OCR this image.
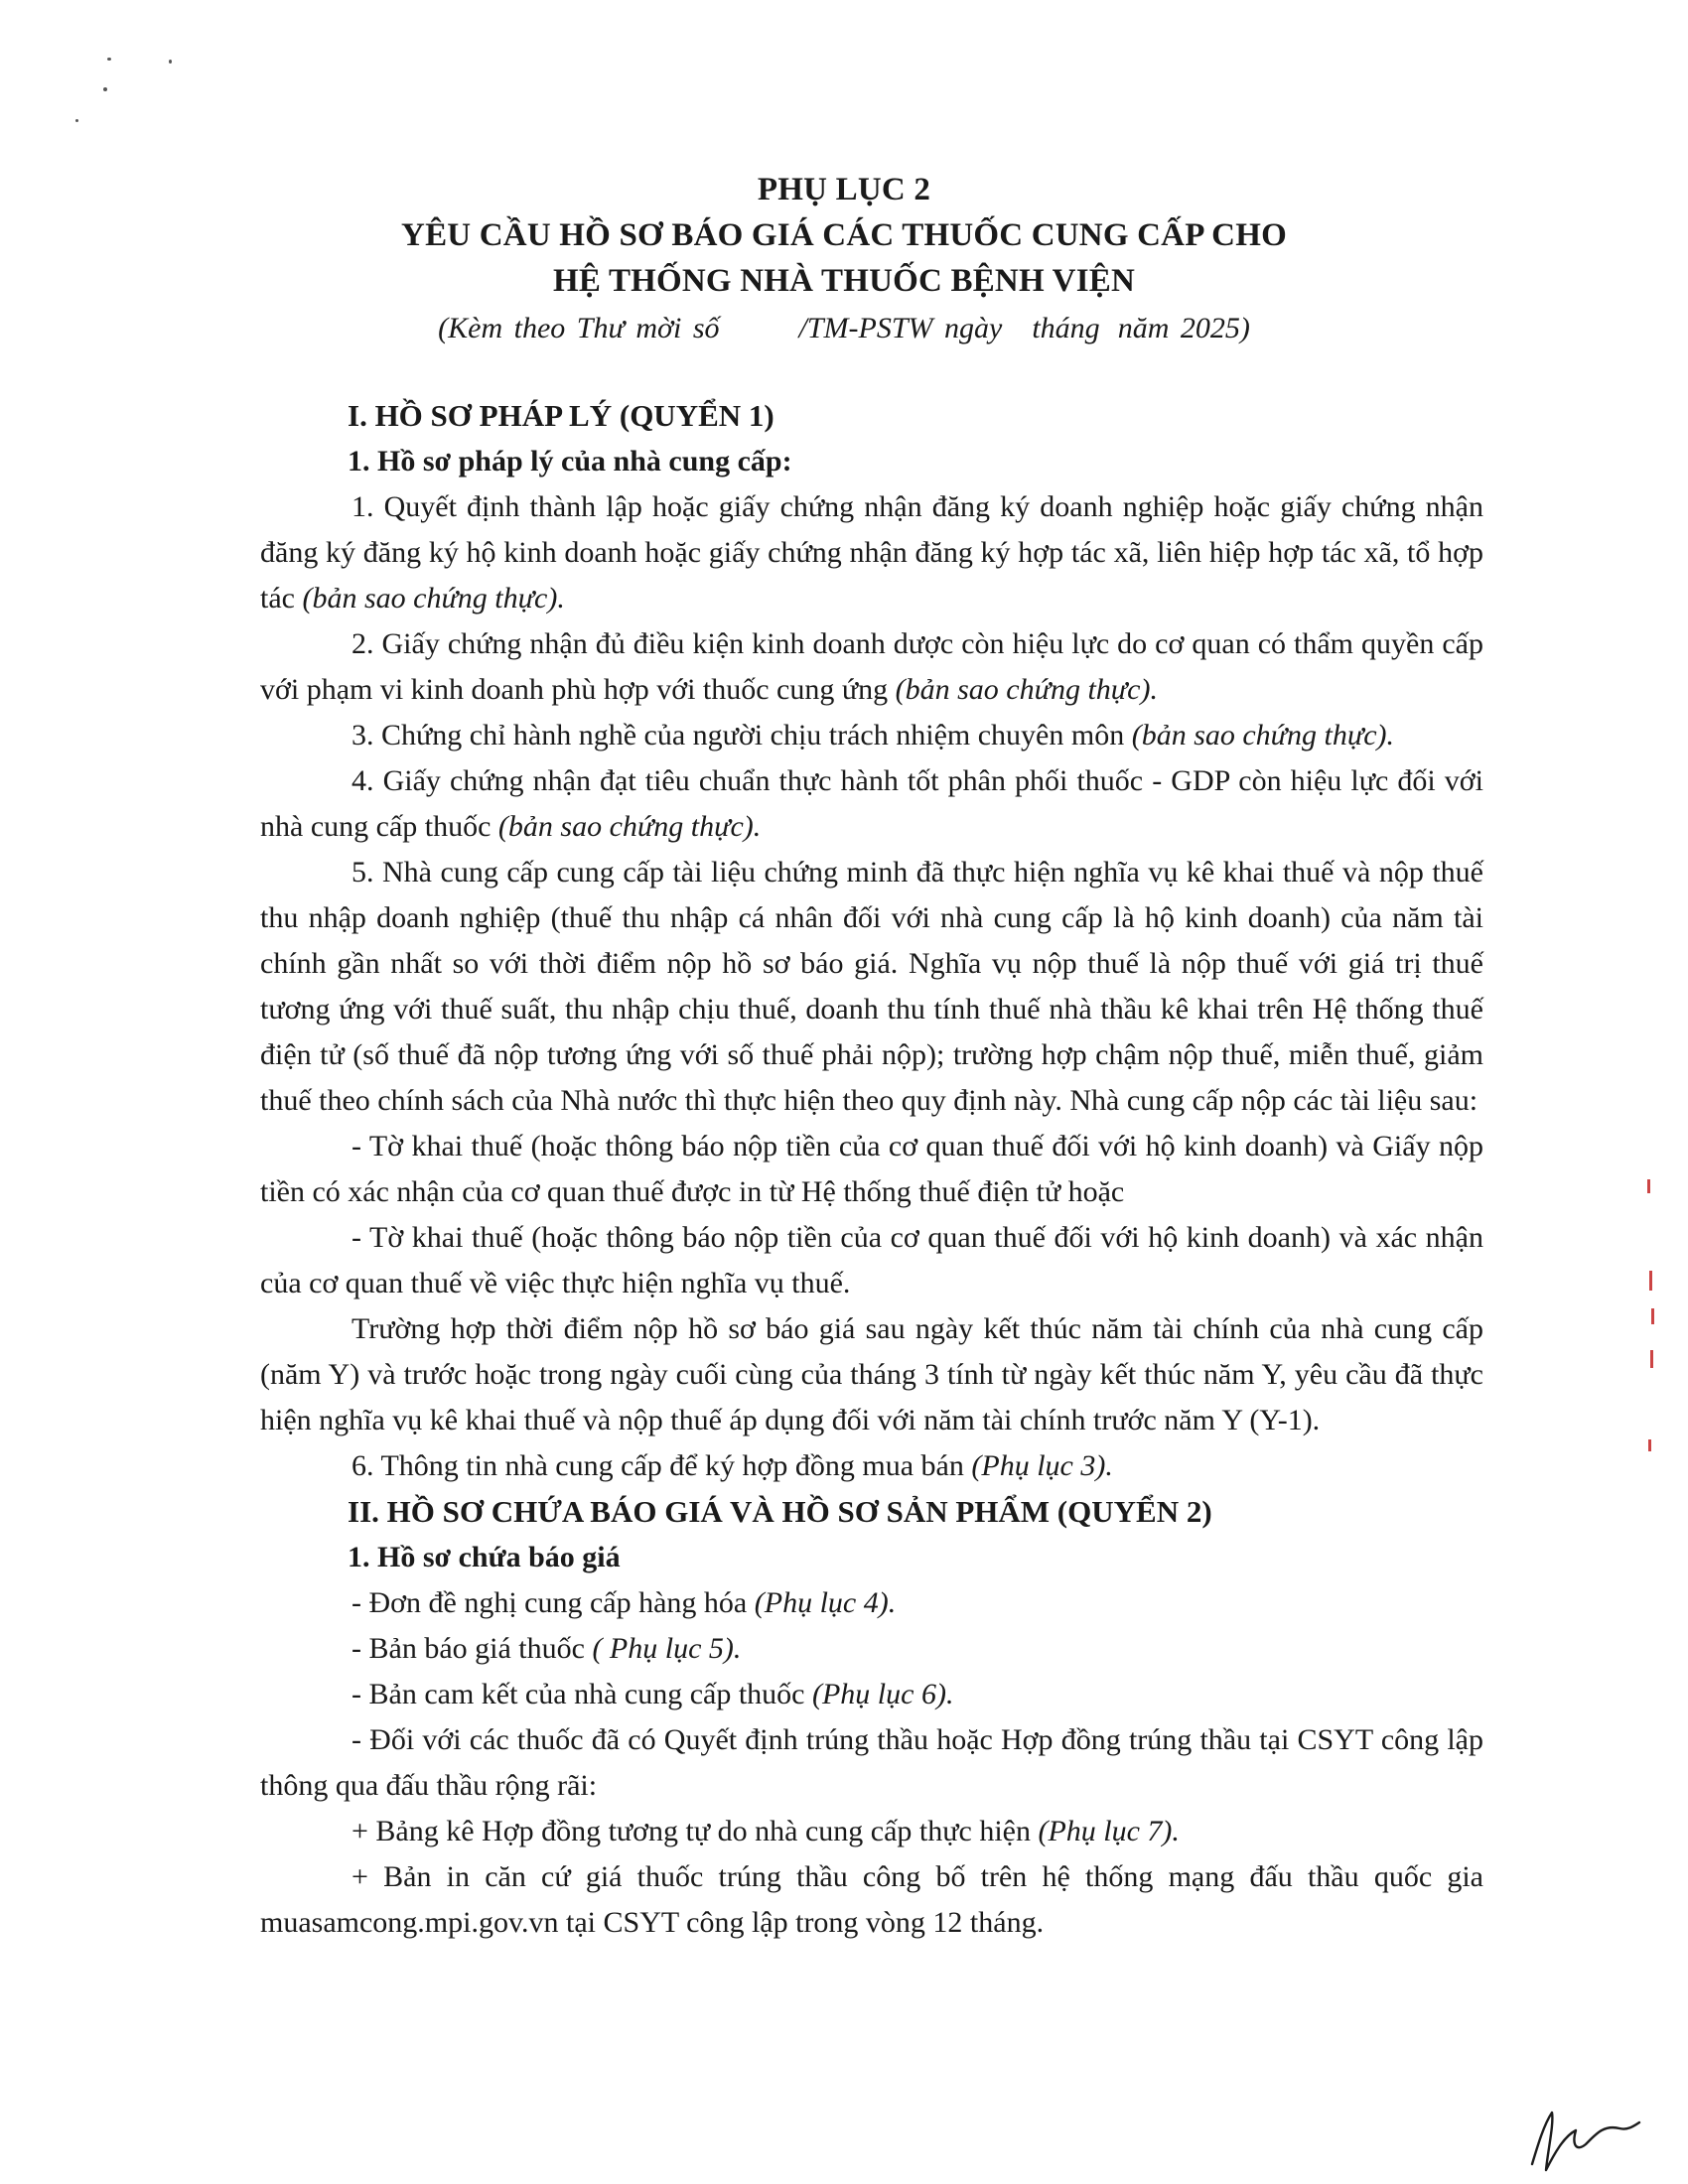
PHỤ LỤC 2
YÊU CẦU HỒ SƠ BÁO GIÁ CÁC THUỐC CUNG CẤP CHO
HỆ THỐNG NHÀ THUỐC BỆNH VIỆN
(Kèm theo Thư mời số	/TM-PSTW ngày tháng năm 2025)

I. HỒ SƠ PHÁP LÝ (QUYỂN 1)

1. Hồ sơ pháp lý của nhà cung cấp:

1. Quyết định thành lập hoặc giấy chứng nhận đăng ký doanh nghiệp hoặc giấy chứng nhận đăng ký đăng ký hộ kinh doanh hoặc giấy chứng nhận đăng ký hợp tác xã, liên hiệp hợp tác xã, tổ hợp tác (bản sao chứng thực).

2. Giấy chứng nhận đủ điều kiện kinh doanh dược còn hiệu lực do cơ quan có thẩm quyền cấp với phạm vi kinh doanh phù hợp với thuốc cung ứng (bản sao chứng thực).

3. Chứng chỉ hành nghề của người chịu trách nhiệm chuyên môn (bản sao chứng thực).

4. Giấy chứng nhận đạt tiêu chuẩn thực hành tốt phân phối thuốc - GDP còn hiệu lực đối với nhà cung cấp thuốc (bản sao chứng thực).

5. Nhà cung cấp cung cấp tài liệu chứng minh đã thực hiện nghĩa vụ kê khai thuế và nộp thuế thu nhập doanh nghiệp (thuế thu nhập cá nhân đối với nhà cung cấp là hộ kinh doanh) của năm tài chính gần nhất so với thời điểm nộp hồ sơ báo giá. Nghĩa vụ nộp thuế là nộp thuế với giá trị thuế tương ứng với thuế suất, thu nhập chịu thuế, doanh thu tính thuế nhà thầu kê khai trên Hệ thống thuế điện tử (số thuế đã nộp tương ứng với số thuế phải nộp); trường hợp chậm nộp thuế, miễn thuế, giảm thuế theo chính sách của Nhà nước thì thực hiện theo quy định này. Nhà cung cấp nộp các tài liệu sau:

- Tờ khai thuế (hoặc thông báo nộp tiền của cơ quan thuế đối với hộ kinh doanh) và Giấy nộp tiền có xác nhận của cơ quan thuế được in từ Hệ thống thuế điện tử hoặc

- Tờ khai thuế (hoặc thông báo nộp tiền của cơ quan thuế đối với hộ kinh doanh) và xác nhận của cơ quan thuế về việc thực hiện nghĩa vụ thuế.

Trường hợp thời điểm nộp hồ sơ báo giá sau ngày kết thúc năm tài chính của nhà cung cấp (năm Y) và trước hoặc trong ngày cuối cùng của tháng 3 tính từ ngày kết thúc năm Y, yêu cầu đã thực hiện nghĩa vụ kê khai thuế và nộp thuế áp dụng đối với năm tài chính trước năm Y (Y-1).

6. Thông tin nhà cung cấp để ký hợp đồng mua bán (Phụ lục 3).

II. HỒ SƠ CHỨA BÁO GIÁ VÀ HỒ SƠ SẢN PHẨM (QUYỂN 2)

1. Hồ sơ chứa báo giá

- Đơn đề nghị cung cấp hàng hóa (Phụ lục 4).

- Bản báo giá thuốc ( Phụ lục 5).

- Bản cam kết của nhà cung cấp thuốc (Phụ lục 6).

- Đối với các thuốc đã có Quyết định trúng thầu hoặc Hợp đồng trúng thầu tại CSYT công lập thông qua đấu thầu rộng rãi:

+ Bảng kê Hợp đồng tương tự do nhà cung cấp thực hiện (Phụ lục 7).

+ Bản in căn cứ giá thuốc trúng thầu công bố trên hệ thống mạng đấu thầu quốc gia muasamcong.mpi.gov.vn tại CSYT công lập trong vòng 12 tháng.
